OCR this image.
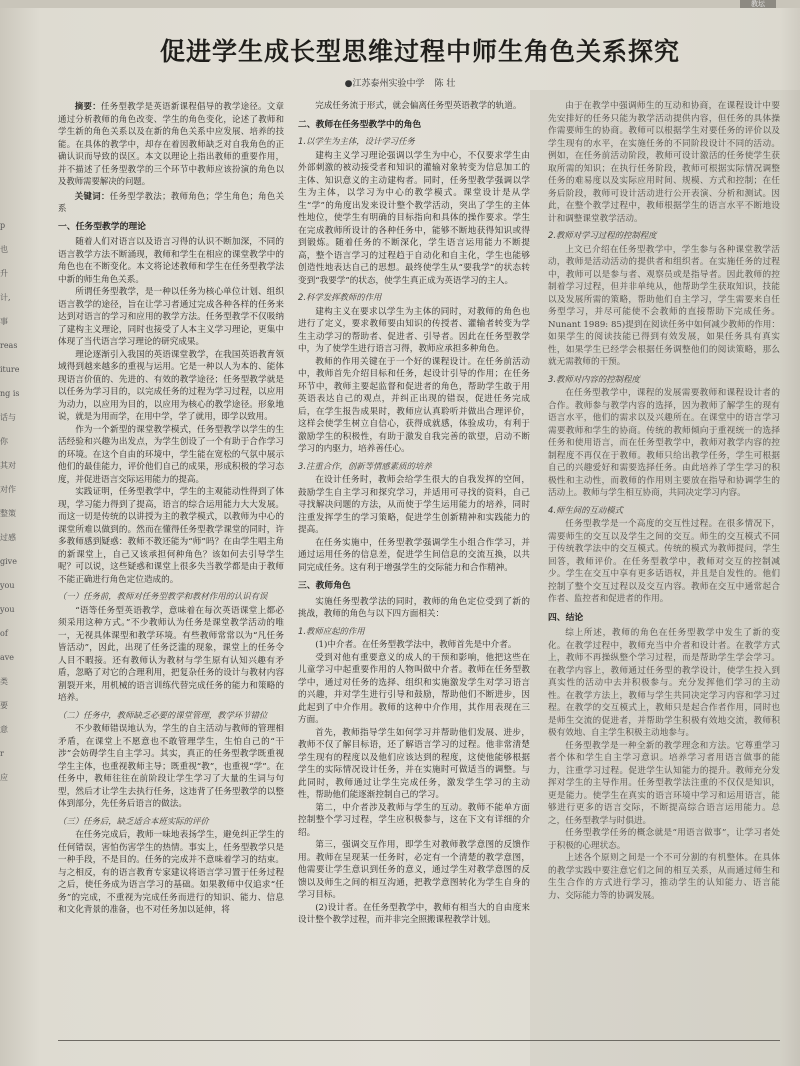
教坛
促进学生成长型思维过程中师生角色关系探究
●江苏泰州实验中学 陈 壮
p
也
升
计,
事
reas
iture
ng is
话与
你
其对
对作
整策
过感
give
you
you
of
ave
类
要
意
r
应
摘要：任务型教学是英语新课程倡导的教学途径。文章通过分析教师的角色改变、学生的角色变化，论述了教师和学生新的角色关系以及在新的角色关系中应发展、培养的技能。在具体的教学中，却存在着因教师缺乏对自我角色的正确认识而导致的误区。本文以理论上指出教师的重要作用，并不描述了任务型教学的三个环节中教师应该扮演的角色以及教师需要解决的问题。
关键词：任务型学教法；教师角色；学生角色；角色关系

一、任务型教学的理论

随着人们对语言以及语言习得的认识不断加深，不同的语言教学方法不断涌现，教师和学生在相应的课堂教学中的角色也在不断变化。本文将论述教师和学生在任务型教学法中新的师生角色关系。

所谓任务型教学，是一种以任务为核心单位计划、组织语言教学的途径，旨在让学习者通过完成各种各样的任务来达到对语言的学习和应用的教学方法。任务型教学不仅吸纳了建构主义理论，同时也接受了人本主义学习理论，更集中体现了当代语言学习理论的研究成果。

理论逐渐引入我国的英语课堂教学，在我国英语教育领域得到越来越多的重视与运用。它是一种以人为本的、能体现语言价值的、先进的、有效的教学途径；任务型教学就是以任务为学习目的，以完成任务的过程为学习过程，以应用为动力，以应用为目的，以应用为核心的教学途径。形象地说，就是为用而学，在用中学，学了就用，即学以致用。

作为一个新型的课堂教学模式，任务型教学以学生的生活经验和兴趣为出发点，为学生创设了一个有助于合作学习的环境。在这个自由的环境中，学生能在宽松的气氛中展示他们的最佳能力，评价他们自己的成果，形成积极的学习态度，并促进语言交际运用能力的提高。

实践证明，任务型教学中，学生的主观能动性得到了体现，学习能力得到了提高，语言的综合运用能力大大发展。而这一切是传统的以讲授为主的教学模式，以教师为中心的课堂所难以做到的。然而在懂得任务型教学课堂的同时，许多教师感到疑惑：教师不教还能为“师”吗？在由学生唱主角的新课堂上，自己又该承担何种角色？该如何去引导学生呢？可以说，这些疑惑和课堂上很多失当教学都是由于教师不能正确进行角色定位造成的。

（一）任务前，教师对任务型教学和教材作用的认识有误

“语等任务型英语教学，意味着在每次英语课堂上都必须采用这种方式。”不少教师认为任务是课堂教学活动的唯一，无视具体课型和教学环境。有些教师常常以为“凡任务皆活动”，因此，出现了任务泛滥的现象，课堂上的任务令人目不暇接。还有教师认为教材与学生原有认知兴趣有矛盾，忽略了对它的合理利用，把复杂任务的设计与教材内容割裂开来，用机械的语言训练代替完成任务的能力和策略的培养。

（二）任务中，教师缺乏必要的课堂管理，教学环节错位

不少教师错误地认为，学生的自主活动与教师的管理相矛盾，在课堂上不愿意也不敢管理学生，生怕自己的“干涉”会妨碍学生自主学习。其实，真正的任务型教学既重视学生主体，也重视教师主导；既重视“教”，也重视“学”。在任务中，教师往往在前阶段让学生学习了大量的生词与句型，然后才让学生去执行任务，这违背了任务型教学的以整体到部分，先任务后语言的做法。

（三）任务后，缺乏适合本班实际的评价

在任务完成后，教师一味地表扬学生，避免纠正学生的任何错误，害怕伤害学生的热情。事实上，任务型教学只是一种手段，不是目的。任务的完成并不意味着学习的结束。与之相反，有的语言教育专家建议将语言学习置于任务过程之后，使任务成为语言学习的基础。如果教师中仅追求“任务”的完成，不重视为完成任务而进行的知识、能力、信息和文化背景的准备，也不对任务加以延伸，将

完成任务流于形式，就会偏离任务型英语教学的轨道。

二、教师在任务型教学中的角色

1.以学生为主体，设计学习任务

建构主义学习理论强调以学生为中心，不仅要求学生由外部刺激的被动接受者和知识的灌输对象转变为信息加工的主体、知识意义的主动建构者。同时，任务型教学强调以学生为主体，以学习为中心的教学模式。课堂设计是从学生“学”的角度出发来设计整个教学活动，突出了学生的主体性地位，使学生有明确的目标指向和具体的操作要求。学生在完成教师所设计的各种任务中，能够不断地获得知识或得到锻炼。随着任务的不断深化，学生语言运用能力不断提高，整个语言学习的过程趋于自动化和自主化，学生也能够创造性地表达自己的思想。最终使学生从“要我学”的状态转变到“我要学”的状态，使学生真正成为英语学习的主人。

2.科学发挥教师的作用

建构主义在要求以学生为主体的同时，对教师的角色也进行了定义，要求教师要由知识的传授者、灌输者转变为学生主动学习的帮助者、促进者、引导者。因此在任务型教学中，为了使学生进行语言习得，教师应承担多种角色。

教师的作用关键在于一个好的课程设计。在任务前活动中，教师首先介绍目标和任务，起设计引导的作用；在任务环节中，教师主要起监督和促进者的角色，帮助学生敢于用英语表达自己的观点，并纠正出现的错误，促进任务完成后，在学生报告成果时，教师应认真聆听并做出合理评价，这样会使学生树立自信心，获得成就感，体验成功，有利于激励学生的积极性，有助于激发自我完善的欲望，启动不断学习的内驱力，培养善任心。

3.注重合作，创新等情感素质的培养

在设计任务时，教师会给学生很大的自我发挥的空间，鼓励学生自主学习和探究学习，并适用可寻找的资料，自己寻找解决问题的方法，从而使于学生运用能力的培养，同时注重发挥学生的学习策略，促进学生创新精神和实践能力的提高。

在任务实施中，任务型教学强调学生小组合作学习，并通过运用任务的信息差，促进学生间信息的交流互换，以共同完成任务。这有利于增强学生的交际能力和合作精神。

三、教师角色

实施任务型教学法的同时，教师的角色定位受到了新的挑战，教师的角色与以下四方面相关：

1.教师应起的作用

(1)中介者。在任务型教学法中，教师首先是中介者。

受到对他有重要意义的成人的干预和影响，他把这些在儿童学习中起重要作用的人物叫做中介者。教师在任务型教学中，通过对任务的选择、组织和实施激发学生对学习语言的兴趣，并对学生进行引导和鼓励，帮助他们不断进步，因此起到了中介作用。教师的这种中介作用，其作用表现在三方面。

首先，教师指导学生如何学习并帮助他们发展、进步，教师不仅了解目标语，还了解语言学习的过程。他非常清楚学生现有的程度以及他们应该达到的程度，这使他能够根据学生的实际情况设计任务，并在实施时可做适当的调整。与此同时，教师通过让学生完成任务，激发学生学习的主动性，帮助他们能逐渐控制自己的学习。

第二，中介者涉及教师与学生的互动。教师不能单方面控制整个学习过程，学生应积极参与，这在下文有详细的介绍。

第三，强调交互作用，即学生对教师教学意图的反馈作用。教师在呈现某一任务时，必定有一个清楚的教学意图，他需要让学生意识到任务的意义，通过学生对教学意图的反馈以及师生之间的相互沟通，把教学意图转化为学生自身的学习目标。

(2)设计者。在任务型教学中，教师有相当大的自由度来设计整个教学过程，而并非完全照搬课程教学计划。

由于在教学中强调师生的互动和协商，在课程设计中要先安排好的任务只能为教学活动提供内容，但任务的具体操作需要师生的协商。教师可以根据学生对要任务的评价以及学生现有的水平，在实施任务的不同阶段设计不同的活动。例如，在任务前活动阶段，教师可设计激活的任务使学生获取所需的知识；在执行任务阶段，教师可根据实际情况调整任务的难易度以及实际应用时间、规模、方式和控制；在任务后阶段，教师可设计活动进行公开表演、分析和测试。因此，在整个教学过程中，教师根据学生的语言水平不断地设计和调整课堂教学活动。

2.教师对学习过程的控制程度

上文已介绍在任务型教学中，学生参与各种课堂教学活动，教师是活动活动的提供者和组织者。在实施任务的过程中，教师可以是参与者、观察员或是指导者。因此教师的控制着学习过程，但并非单纯从，他帮助学生获取知识，技能以及发展所需的策略，帮助他们自主学习，学生需要来自任务型学习，并尽可能使不会教师的直接帮助下完成任务。Nunant 1989: 85)提到在阅读任务中如何减少教师的作用：如果学生的阅读技能已得到有效发展，如果任务具有真实性，如果学生已经学会根据任务调整他们的阅读策略，那么就无需教师的干预。

3.教师对内容的控制程度

在任务型教学中，课程的发展需要教师和课程设计者的合作。教师参与教学内容的选择，因为教师了解学生的现有语言水平，他们的需求以及兴趣所在。在课堂中的语言学习需要教师和学生的协商。传统的教师倾向于重视统一的选择任务和使用语言，而在任务型教学中，教师对教学内容的控制程度不再仅在于教师。教师只给出教学任务，学生可根据自己的兴趣爱好和需要选择任务。由此培养了学生学习的积极性和主动性，而教师的作用则主要放在指导和协调学生的活动上。教师与学生相互协商，共同决定学习内容。

4.师生间的互动模式

任务型教学是一个高度的交互性过程。在很多情况下，需要师生的交互以及学生之间的交互。师生的交互模式不同于传统教学法中的交互模式。传统的模式为教师提问，学生回答，教师评价。在任务型教学中，教师对交互的控制减少。学生在交互中享有更多话语权，并且是自发性的。他们控制了整个交互过程以及交互内容。教师在交互中通常起合作者、监控者和促进者的作用。

四、结论

综上所述，教师的角色在任务型教学中发生了新的变化。在教学过程中，教师充当中介者和设计者。在教学方式上，教师不再操纵整个学习过程，而是帮助学生学会学习。在教学内容上，教师通过任务型的教学设计，使学生投入到真实性的活动中去并积极参与。充分发挥他们学习的主动性。在教学方法上，教师与学生共同决定学习内容和学习过程。在教学的交互模式上，教师只是起合作者作用，同时也是师生交流的促进者，并帮助学生积极有效地交流，教师积极有效地、自主学生积极主动地参与。

任务型教学是一种全新的教学理念和方法。它尊重学习者个体和学生自主学习意识。培养学习者用语言做事的能力，注重学习过程。促进学生认知能力的提升。教师充分发挥对学生的主导作用。任务型教学法注重的不仅仅是知识，更是能力。使学生在真实的语言环境中学习和运用语言，能够进行更多的语言交际，不断提高综合语言运用能力。总之，任务型教学与时俱进。

任务型教学任务的概念就是“用语言做事”，让学习者处于积极的心理状态。

上述各个原则之间是一个不可分割的有机整体。在具体的教学实践中要注意它们之间的相互关系，从而通过师生和生生合作的方式进行学习，推动学生的认知能力、语言能力、交际能力等的协调发展。
